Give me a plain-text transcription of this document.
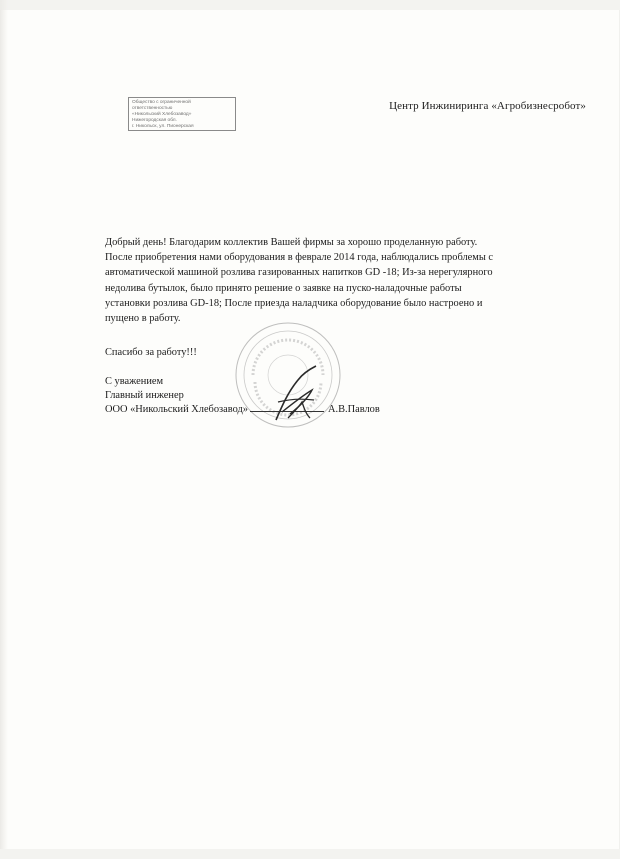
Общество с ограниченной
ответственностью
«Никольский Хлебозавод»
Нижегородская обл.
г. Никольск, ул. Пионерская
Центр Инжиниринга «Агробизнесробот»

Добрый день! Благодарим коллектив Вашей фирмы за хорошо проделанную работу.

После приобретения нами оборудования в феврале 2014 года, наблюдались проблемы с

автоматической машиной розлива газированных напитков GD -18; Из-за нерегулярного

недолива бутылок, было принято решение о заявке на пуско-наладочные работы

установки розлива GD-18; После приезда наладчика оборудование было настроено и

пущено в работу.

Спасибо за работу!!!
С уважением
Главный инженер
ООО «Никольский Хлебозавод»	А.В.Павлов
